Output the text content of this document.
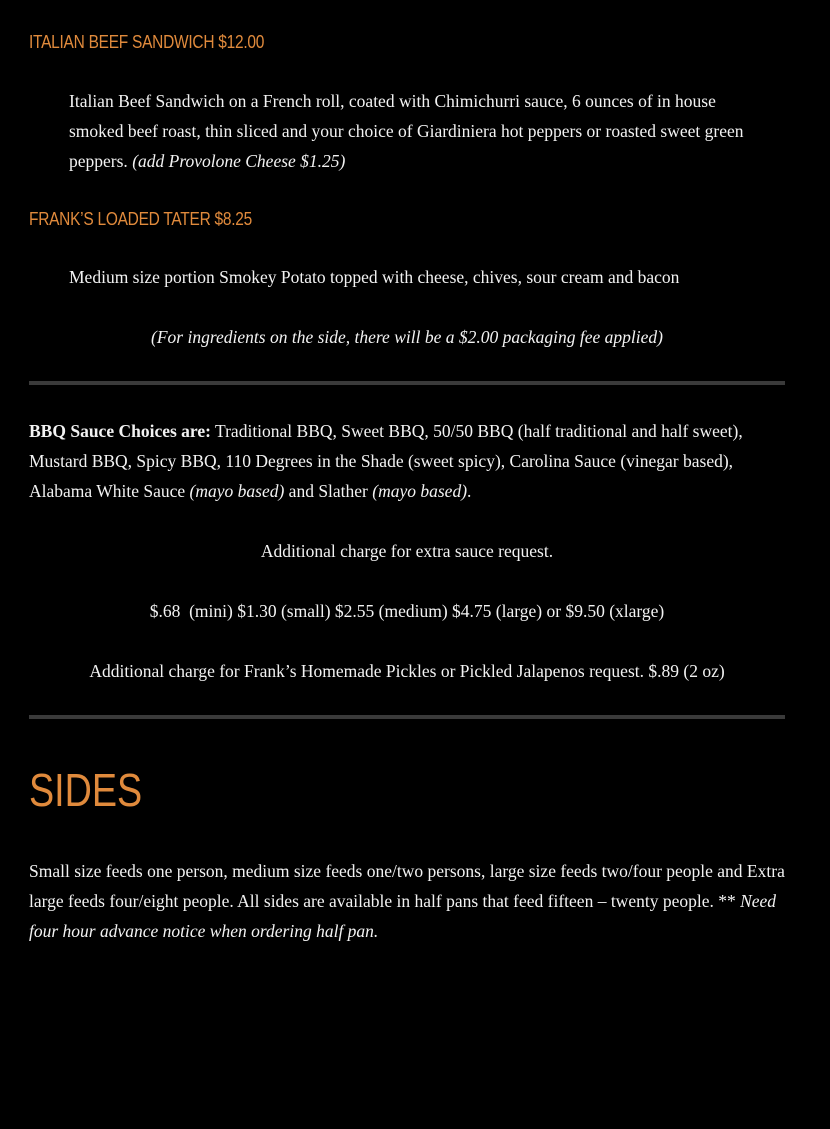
ITALIAN BEEF SANDWICH $12.00

Italian Beef Sandwich on a French roll, coated with Chimichurri sauce, 6 ounces of in house smoked beef roast, thin sliced and your choice of Giardiniera hot peppers or roasted sweet green peppers. (add Provolone Cheese $1.25)

FRANK’S LOADED TATER $8.25

Medium size portion Smokey Potato topped with cheese, chives, sour cream and bacon

(For ingredients on the side, there will be a $2.00 packaging fee applied)

BBQ Sauce Choices are: Traditional BBQ, Sweet BBQ, 50/50 BBQ (half traditional and half sweet), Mustard BBQ, Spicy BBQ, 110 Degrees in the Shade (sweet spicy), Carolina Sauce (vinegar based), Alabama White Sauce (mayo based) and Slather (mayo based).

Additional charge for extra sauce request.

$.68  (mini) $1.30 (small) $2.55 (medium) $4.75 (large) or $9.50 (xlarge)

Additional charge for Frank’s Homemade Pickles or Pickled Jalapenos request. $.89 (2 oz)

SIDES

Small size feeds one person, medium size feeds one/two persons, large size feeds two/four people and Extra large feeds four/eight people. All sides are available in half pans that feed fifteen – twenty people. ** Need four hour advance notice when ordering half pan.
